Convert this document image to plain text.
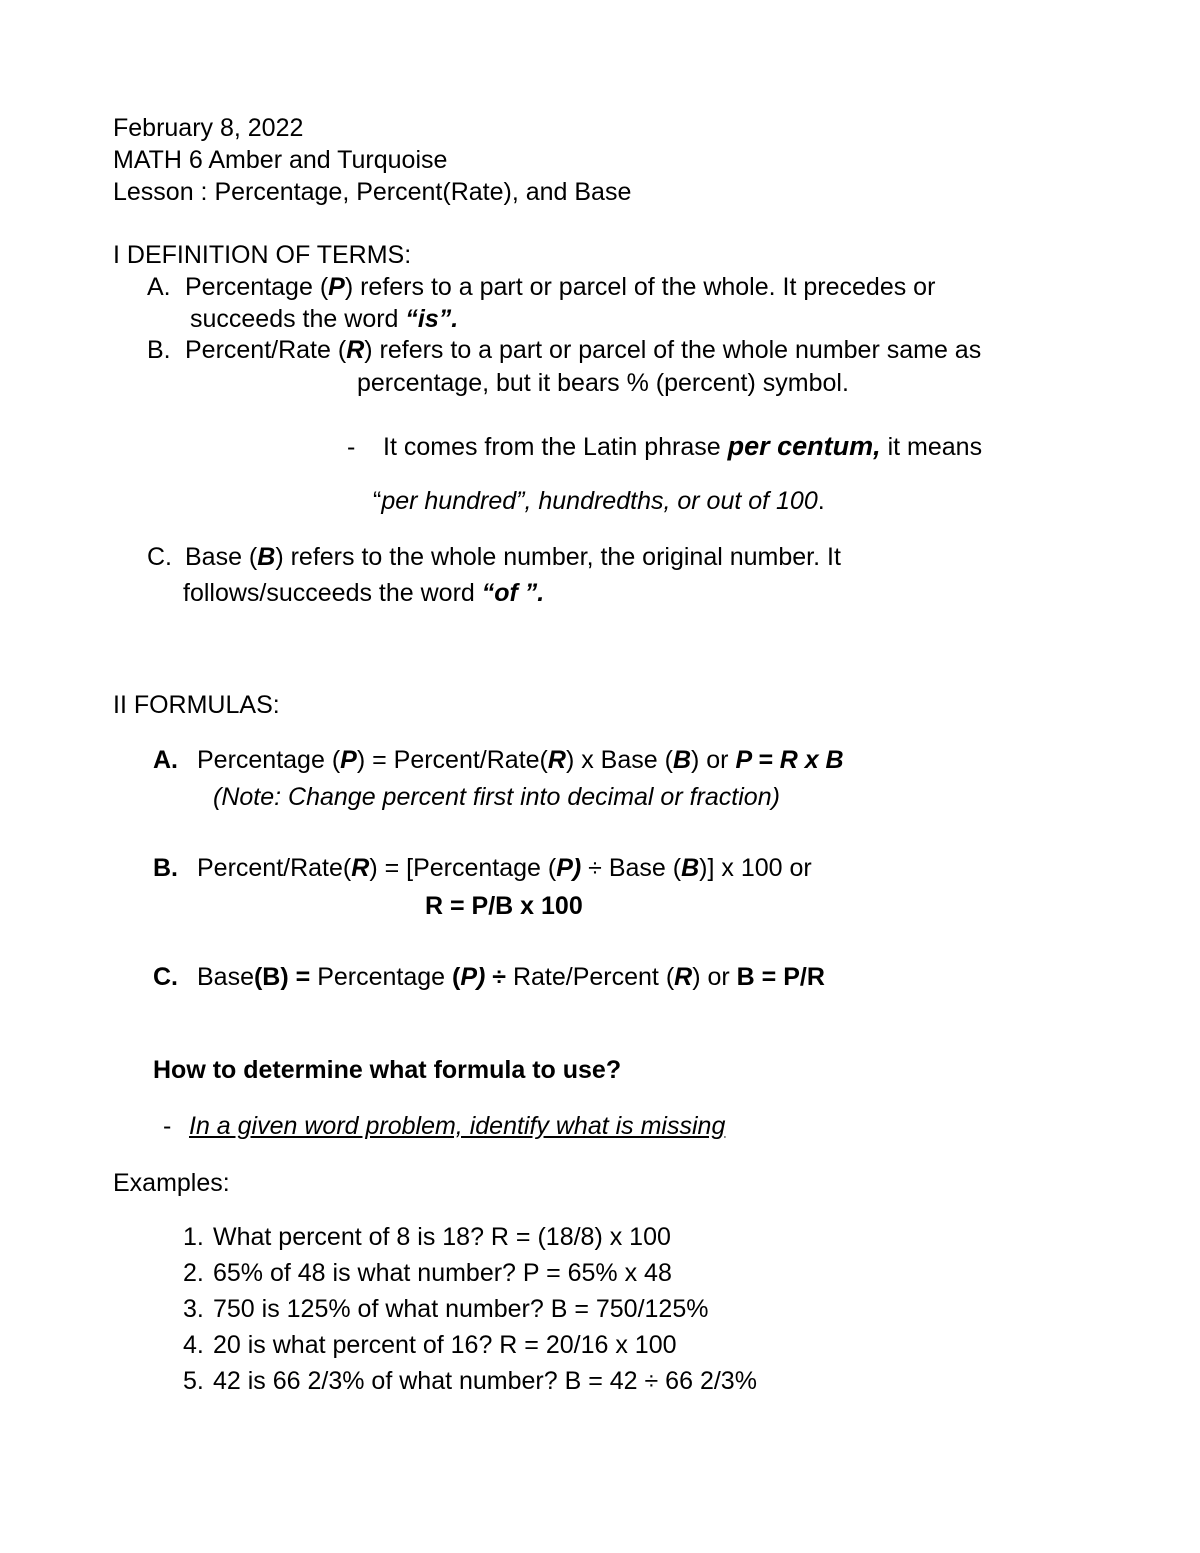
February 8, 2022
MATH 6 Amber and Turquoise
Lesson : Percentage, Percent(Rate), and Base
I DEFINITION OF TERMS:
A. Percentage (P) refers to a part or parcel of the whole. It precedes or
succeeds the word “is”.
B. Percent/Rate (R) refers to a part or parcel of the whole number same as
percentage, but it bears % (percent) symbol.
- It comes from the Latin phrase per centum, it means
“per hundred”, hundredths, or out of 100.
C. Base (B) refers to the whole number, the original number. It
follows/succeeds the word “of ”.
II FORMULAS:
A. Percentage (P) = Percent/Rate(R) x Base (B) or P = R x B
(Note: Change percent first into decimal or fraction)
B. Percent/Rate(R) = [Percentage (P) ÷ Base (B)] x 100 or
R = P/B x 100
C. Base(B) = Percentage (P) ÷ Rate/Percent (R) or B = P/R
How to determine what formula to use?
- In a given word problem, identify what is missing
Examples:
1. What percent of 8 is 18? R = (18/8) x 100
2. 65% of 48 is what number? P = 65% x 48
3. 750 is 125% of what number? B = 750/125%
4. 20 is what percent of 16? R = 20/16 x 100
5. 42 is 66 2/3% of what number? B = 42 ÷ 66 2/3%
